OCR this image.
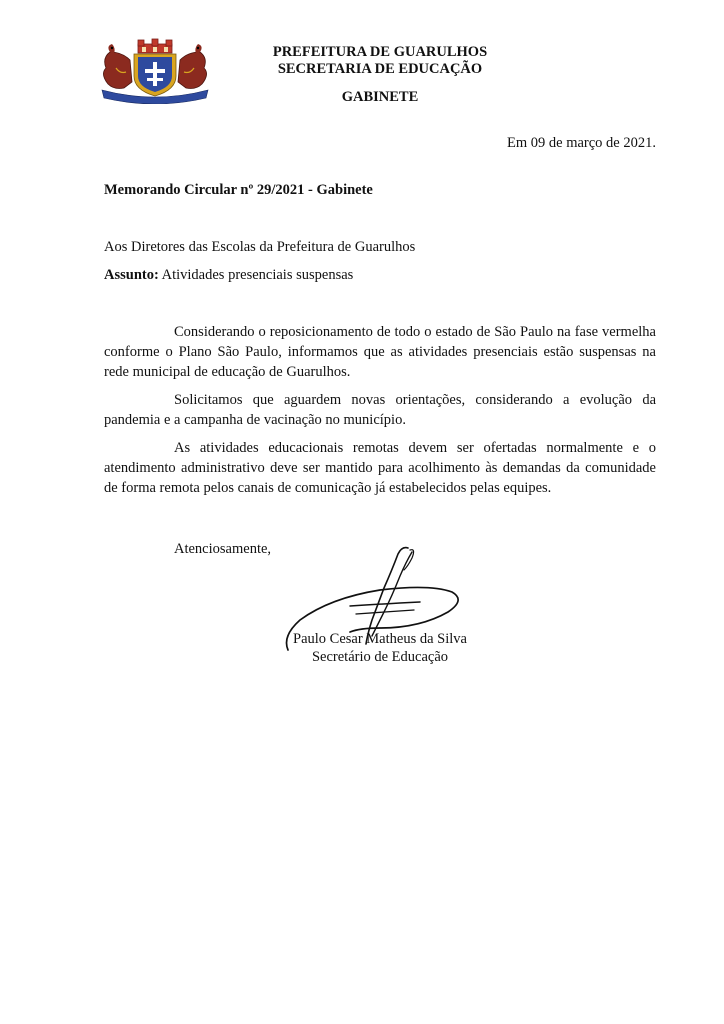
PREFEITURA DE GUARULHOS
SECRETARIA DE EDUCAÇÃO
GABINETE
Em 09 de março de 2021.
Memorando Circular nº 29/2021 - Gabinete
Aos Diretores das Escolas da Prefeitura de Guarulhos
Assunto: Atividades presenciais suspensas

Considerando o reposicionamento de todo o estado de São Paulo na fase vermelha conforme o Plano São Paulo, informamos que as atividades presenciais estão suspensas na rede municipal de educação de Guarulhos.

Solicitamos que aguardem novas orientações, considerando a evolução da pandemia e a campanha de vacinação no município.

As atividades educacionais remotas devem ser ofertadas normalmente e o atendimento administrativo deve ser mantido para acolhimento às demandas da comunidade de forma remota pelos canais de comunicação já estabelecidos pelas equipes.

Atenciosamente,
Paulo Cesar Matheus da Silva
Secretário de Educação
